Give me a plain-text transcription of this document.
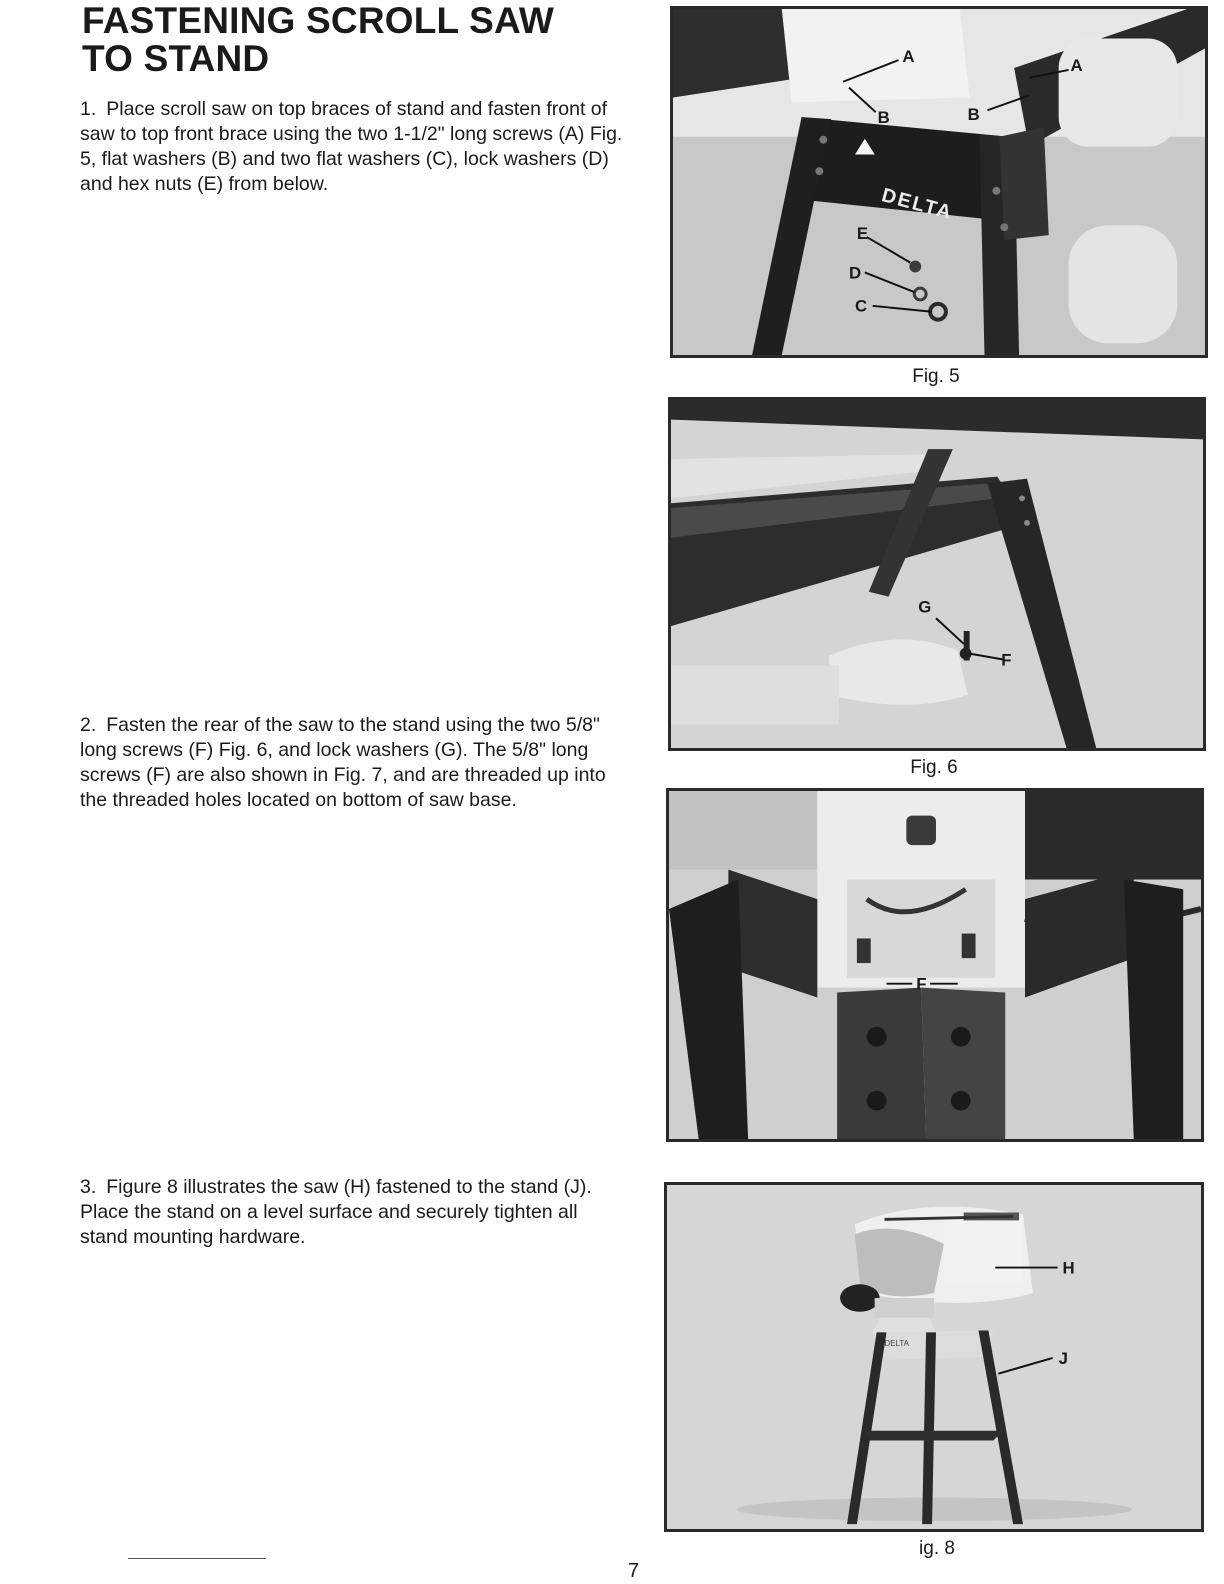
FASTENING SCROLL SAW
TO STAND
1. Place scroll saw on top braces of stand and fasten front of saw to top front brace using the two 1-1/2" long screws (A) Fig. 5, flat washers (B) and two flat washers (C), lock washers (D) and hex nuts (E) from below.
2. Fasten the rear of the saw to the stand using the two 5/8" long screws (F) Fig. 6, and lock washers (G). The 5/8" long screws (F) are also shown in Fig. 7, and are threaded up into the threaded holes located on bottom of saw base.
3. Figure 8 illustrates the saw (H) fastened to the stand (J). Place the stand on a level surface and securely tighten all stand mounting hardware.
DELTA
A	A
B	B
E
D
C
Fig. 5
G
F
Fig. 6
F
DELTA
H
J
ig. 8
7
